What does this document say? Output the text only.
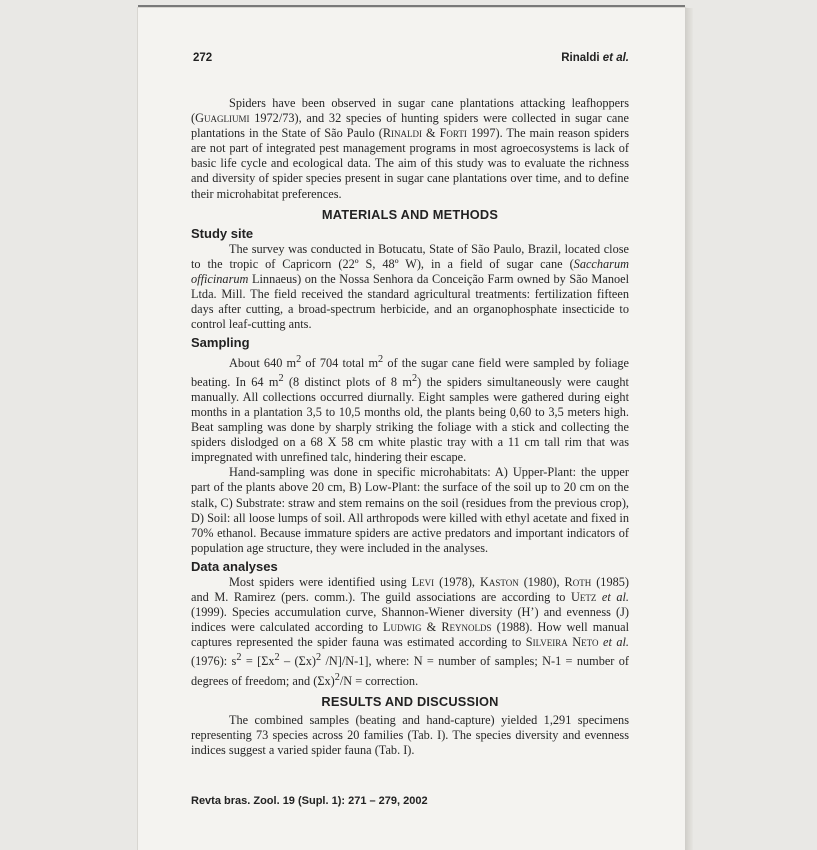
272	Rinaldi et al.

Spiders have been observed in sugar cane plantations attacking leafhoppers (Guagliumi 1972/73), and 32 species of hunting spiders were collected in sugar cane plantations in the State of São Paulo (Rinaldi & Forti 1997). The main reason spiders are not part of integrated pest management programs in most agroecosystems is lack of basic life cycle and ecological data. The aim of this study was to evaluate the richness and diversity of spider species present in sugar cane plantations over time, and to define their microhabitat preferences.

MATERIALS AND METHODS
Study site

The survey was conducted in Botucatu, State of São Paulo, Brazil, located close to the tropic of Capricorn (22º S, 48º W), in a field of sugar cane (Saccharum officinarum Linnaeus) on the Nossa Senhora da Conceição Farm owned by São Manoel Ltda. Mill. The field received the standard agricultural treatments: fertilization fifteen days after cutting, a broad-spectrum herbicide, and an organophosphate insecticide to control leaf-cutting ants.

Sampling

About 640 $m^2$ of 704 total $m^2$ of the sugar cane field were sampled by foliage beating. In 64 $m^2$ (8 distinct plots of 8 $m^2$) the spiders simultaneously were caught manually. All collections occurred diurnally. Eight samples were gathered during eight months in a plantation 3,5 to 10,5 months old, the plants being 0,60 to 3,5 meters high. Beat sampling was done by sharply striking the foliage with a stick and collecting the spiders dislodged on a 68 X 58 cm white plastic tray with a 11 cm tall rim that was impregnated with unrefined talc, hindering their escape.

Hand-sampling was done in specific microhabitats: A) Upper-Plant: the upper part of the plants above 20 cm, B) Low-Plant: the surface of the soil up to 20 cm on the stalk, C) Substrate: straw and stem remains on the soil (residues from the previous crop), D) Soil: all loose lumps of soil. All arthropods were killed with ethyl acetate and fixed in 70% ethanol. Because immature spiders are active predators and important indicators of population age structure, they were included in the analyses.

Data analyses

Most spiders were identified using Levi (1978), Kaston (1980), Roth (1985) and M. Ramirez (pers. comm.). The guild associations are according to Uetz et al. (1999). Species accumulation curve, Shannon-Wiener diversity (H’) and evenness (J) indices were calculated according to Ludwig & Reynolds (1988). How well manual captures represented the spider fauna was estimated according to Silveira Neto et al. (1976): $s^2 = [\Sigma x^2 - (\Sigma x)^2$ /N]/N-1], where: N = number of samples; N-1 = number of degrees of freedom; and $(\Sigma x)^2/N$ = correction.

RESULTS AND DISCUSSION

The combined samples (beating and hand-capture) yielded 1,291 specimens representing 73 species across 20 families (Tab. I). The species diversity and evenness indices suggest a varied spider fauna (Tab. I).

Revta bras. Zool. 19 (Supl. 1): 271 – 279, 2002
